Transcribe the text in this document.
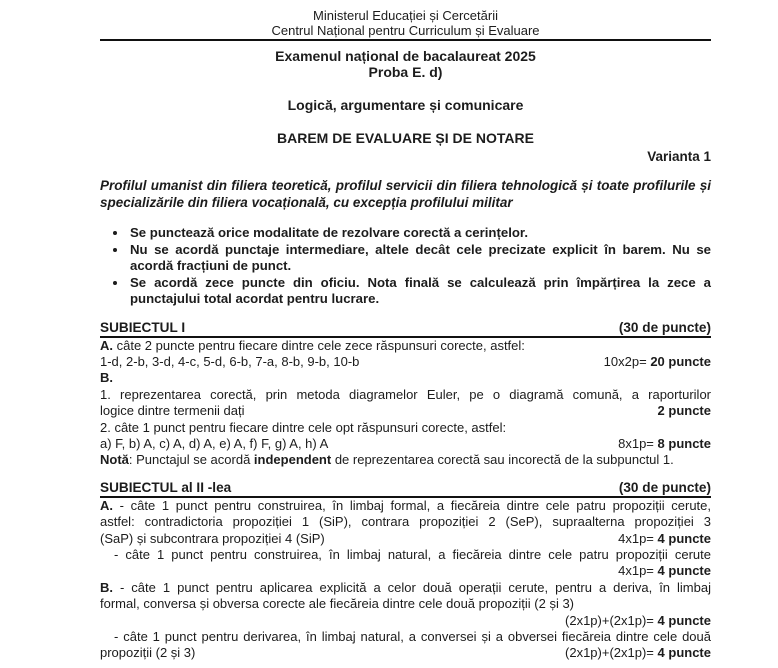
Ministerul Educației și Cercetării
Centrul Național pentru Curriculum și Evaluare
Examenul național de bacalaureat 2025
Proba E. d)
Logică, argumentare și comunicare
BAREM DE EVALUARE ȘI DE NOTARE
Varianta 1

Profilul umanist din filiera teoretică, profilul servicii din filiera tehnologică și toate profilurile și specializările din filiera vocațională, cu excepția profilului militar

• Se punctează orice modalitate de rezolvare corectă a cerințelor.
• Nu se acordă punctaje intermediare, altele decât cele precizate explicit în barem. Nu se acordă fracțiuni de punct.
• Se acordă zece puncte din oficiu. Nota finală se calculează prin împărțirea la zece a punctajului total acordat pentru lucrare.
SUBIECTUL I	(30 de puncte)
A. câte 2 puncte pentru fiecare dintre cele zece răspunsuri corecte, astfel:
1-d, 2-b, 3-d, 4-c, 5-d, 6-b, 7-a, 8-b, 9-b, 10-b	10x2p= 20 puncte
B.
1. reprezentarea corectă, prin metoda diagramelor Euler, pe o diagramă comună, a raporturilor
logice dintre termenii dați	2 puncte
2. câte 1 punct pentru fiecare dintre cele opt răspunsuri corecte, astfel:
a) F, b) A, c) A, d) A, e) A, f) F, g) A, h) A	8x1p= 8 puncte
Notă: Punctajul se acordă independent de reprezentarea corectă sau incorectă de la subpunctul 1.
SUBIECTUL al II -lea	(30 de puncte)
A. - câte 1 punct pentru construirea, în limbaj formal, a fiecăreia dintre cele patru propoziții cerute,
astfel: contradictoria propoziției 1 (SiP), contrara propoziției 2 (SeP), supraalterna propoziției 3
(SaP) și subcontrara propoziției 4 (SiP)	4x1p= 4 puncte
- câte 1 punct pentru construirea, în limbaj natural, a fiecăreia dintre cele patru propoziții cerute
4x1p= 4 puncte
B. - câte 1 punct pentru aplicarea explicită a celor două operații cerute, pentru a deriva, în limbaj
formal, conversa și obversa corecte ale fiecăreia dintre cele două propoziții (2 și 3)
(2x1p)+(2x1p)= 4 puncte
- câte 1 punct pentru derivarea, în limbaj natural, a conversei și a obversei fiecăreia dintre cele două
propoziții (2 și 3)	(2x1p)+(2x1p)= 4 puncte
